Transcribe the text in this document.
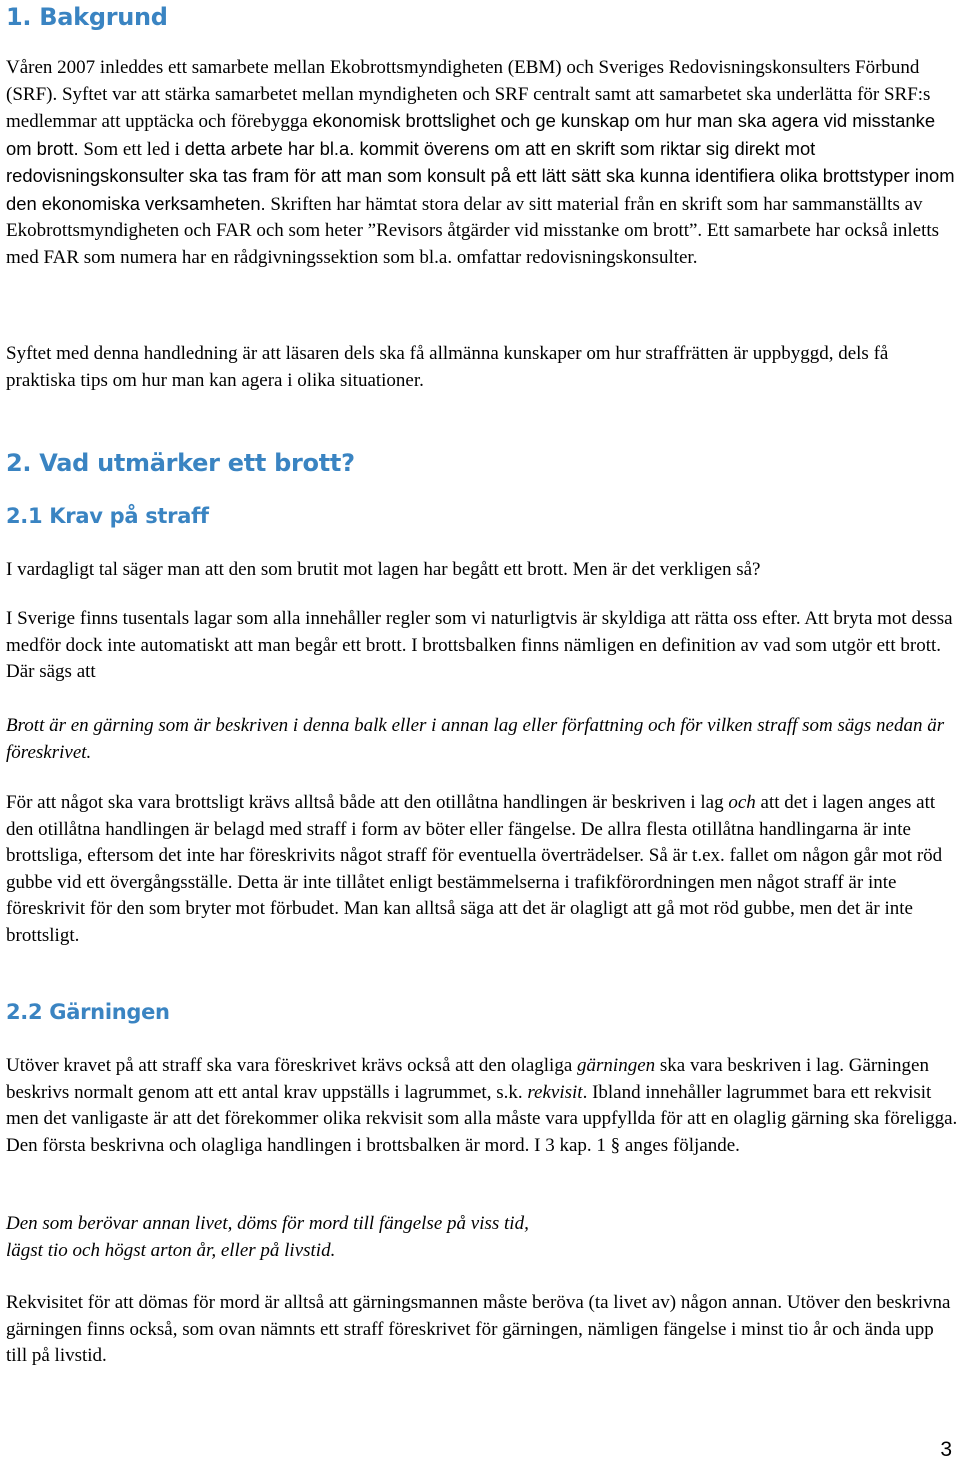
1. Bakgrund

Våren 2007 inleddes ett samarbete mellan Ekobrottsmyndigheten (EBM) och Sveriges Redovisningskonsulters Förbund (SRF). Syftet var att stärka samarbetet mellan myndigheten och SRF centralt samt att samarbetet ska underlätta för SRF:s medlemmar att upptäcka och förebygga ekonomisk brottslighet och ge kunskap om hur man ska agera vid misstanke om brott. Som ett led i detta arbete har bl.a. kommit överens om att en skrift som riktar sig direkt mot redovisningskonsulter ska tas fram för att man som konsult på ett lätt sätt ska kunna identifiera olika brottstyper inom den ekonomiska verksamheten. Skriften har hämtat stora delar av sitt material från en skrift som har sammanställts av Ekobrottsmyndigheten och FAR och som heter ”Revisors åtgärder vid misstanke om brott”. Ett samarbete har också inletts med FAR som numera har en rådgivningssektion som bl.a. omfattar redovisningskonsulter.

Syftet med denna handledning är att läsaren dels ska få allmänna kunskaper om hur straffrätten är uppbyggd, dels få praktiska tips om hur man kan agera i olika situationer.

2. Vad utmärker ett brott?
2.1 Krav på straff

I vardagligt tal säger man att den som brutit mot lagen har begått ett brott. Men är det verkligen så?

I Sverige finns tusentals lagar som alla innehåller regler som vi naturligtvis är skyldiga att rätta oss efter. Att bryta mot dessa medför dock inte automatiskt att man begår ett brott. I brottsbalken finns nämligen en definition av vad som utgör ett brott. Där sägs att

Brott är en gärning som är beskriven i denna balk eller i annan lag eller författning och för vilken straff som sägs nedan är föreskrivet.

För att något ska vara brottsligt krävs alltså både att den otillåtna handlingen är beskriven i lag och att det i lagen anges att den otillåtna handlingen är belagd med straff i form av böter eller fängelse. De allra flesta otillåtna handlingarna är inte brottsliga, eftersom det inte har föreskrivits något straff för eventuella överträdelser. Så är t.ex. fallet om någon går mot röd gubbe vid ett övergångsställe. Detta är inte tillåtet enligt bestämmelserna i trafikförordningen men något straff är inte föreskrivit för den som bryter mot förbudet. Man kan alltså säga att det är olagligt att gå mot röd gubbe, men det är inte brottsligt.

2.2 Gärningen

Utöver kravet på att straff ska vara föreskrivet krävs också att den olagliga gärningen ska vara beskriven i lag. Gärningen beskrivs normalt genom att ett antal krav uppställs i lagrummet, s.k. rekvisit. Ibland innehåller lagrummet bara ett rekvisit men det vanligaste är att det förekommer olika rekvisit som alla måste vara uppfyllda för att en olaglig gärning ska föreligga. Den första beskrivna och olagliga handlingen i brottsbalken är mord. I 3 kap. 1 § anges följande.

Den som berövar annan livet, döms för mord till fängelse på viss tid,
lägst tio och högst arton år, eller på livstid.

Rekvisitet för att dömas för mord är alltså att gärningsmannen måste beröva (ta livet av) någon annan. Utöver den beskrivna gärningen finns också, som ovan nämnts ett straff föreskrivet för gärningen, nämligen fängelse i minst tio år och ända upp till på livstid.

3
